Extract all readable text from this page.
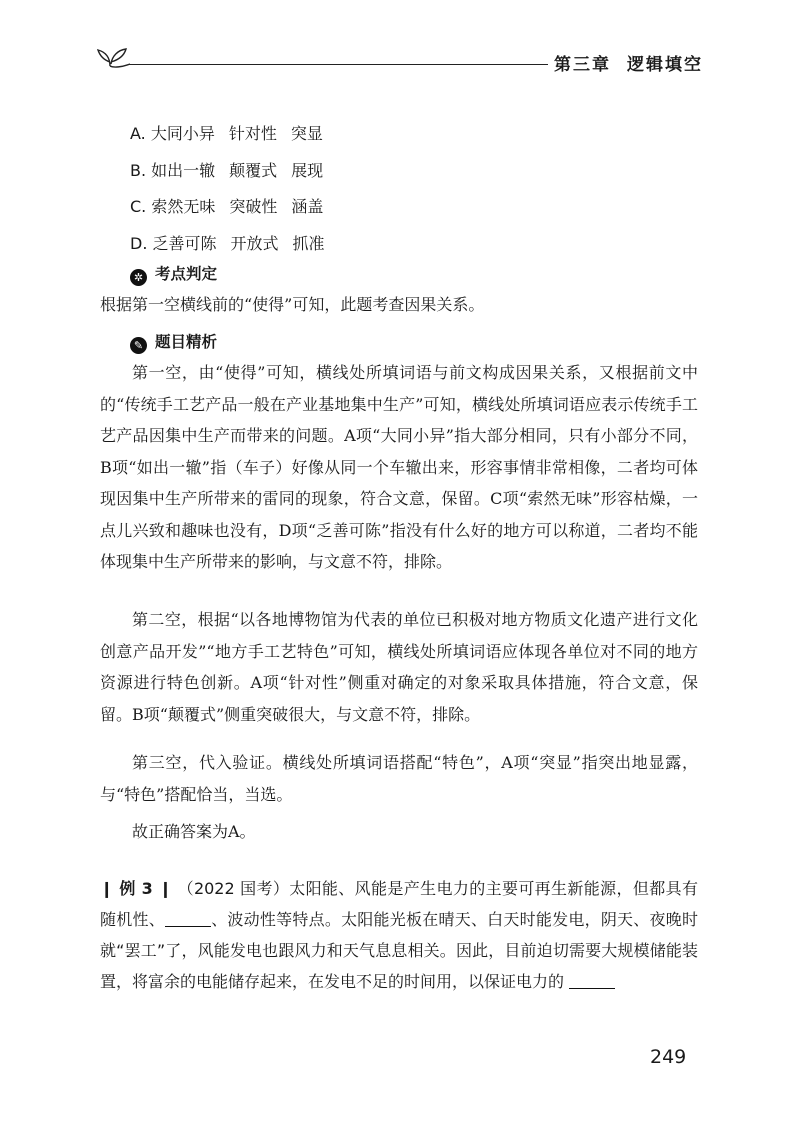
第三章 逻辑填空
A. 大同小异 针对性 突显
B. 如出一辙 颠覆式 展现
C. 索然无味 突破性 涵盖
D. 乏善可陈 开放式 抓准
✲ 考点判定

根据第一空横线前的“使得”可知，此题考查因果关系。

✎ 题目精析

第一空，由“使得”可知，横线处所填词语与前文构成因果关系，又根据前文中的“传统手工艺产品一般在产业基地集中生产”可知，横线处所填词语应表示传统手工艺产品因集中生产而带来的问题。A项“大同小异”指大部分相同，只有小部分不同，B项“如出一辙”指（车子）好像从同一个车辙出来，形容事情非常相像，二者均可体现因集中生产所带来的雷同的现象，符合文意，保留。C项“索然无味”形容枯燥，一点儿兴致和趣味也没有，D项“乏善可陈”指没有什么好的地方可以称道，二者均不能体现集中生产所带来的影响，与文意不符，排除。

第二空，根据“以各地博物馆为代表的单位已积极对地方物质文化遗产进行文化创意产品开发”“地方手工艺特色”可知，横线处所填词语应体现各单位对不同的地方资源进行特色创新。A项“针对性”侧重对确定的对象采取具体措施，符合文意，保留。B项“颠覆式”侧重突破很大，与文意不符，排除。

第三空，代入验证。横线处所填词语搭配“特色”，A项“突显”指突出地显露，与“特色”搭配恰当，当选。

故正确答案为A。

❙ 例 3 ❙ （2022 国考）太阳能、风能是产生电力的主要可再生新能源，但都具有随机性、	、波动性等特点。太阳能光板在晴天、白天时能发电，阴天、夜晚时就“罢工”了，风能发电也跟风力和天气息息相关。因此，目前迫切需要大规模储能装置，将富余的电能储存起来，在发电不足的时间用，以保证电力的

249
